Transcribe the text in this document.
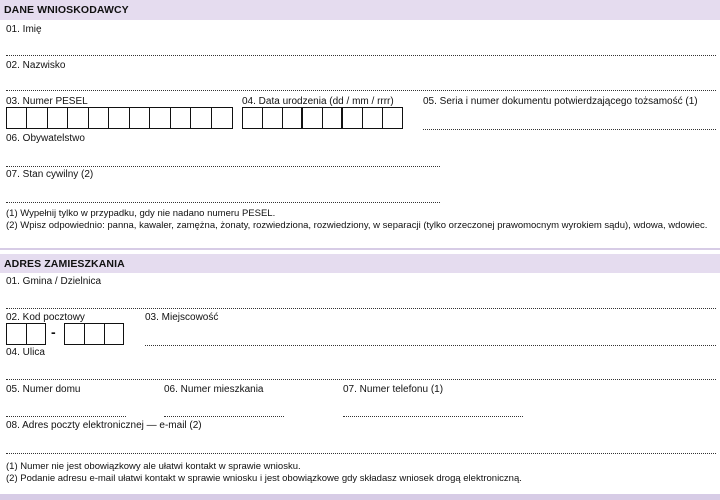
DANE WNIOSKODAWCY
01. Imię
02. Nazwisko
03. Numer PESEL	04. Data urodzenia (dd / mm / rrrr)	05. Seria i numer dokumentu potwierdzającego tożsamość (1)
06. Obywatelstwo
07. Stan cywilny (2)
(1) Wypełnij tylko w przypadku, gdy nie nadano numeru PESEL.
(2) Wpisz odpowiednio: panna, kawaler, zamężna, żonaty, rozwiedziona, rozwiedziony, w separacji (tylko orzeczonej prawomocnym wyrokiem sądu), wdowa, wdowiec.
ADRES ZAMIESZKANIA
01. Gmina / Dzielnica
02. Kod pocztowy
-
03. Miejscowość
04. Ulica
05. Numer domu	06. Numer mieszkania	07. Numer telefonu (1)
08. Adres poczty elektronicznej — e-mail (2)
(1) Numer nie jest obowiązkowy ale ułatwi kontakt w sprawie wniosku.
(2) Podanie adresu e-mail ułatwi kontakt w sprawie wniosku i jest obowiązkowe gdy składasz wniosek drogą elektroniczną.
